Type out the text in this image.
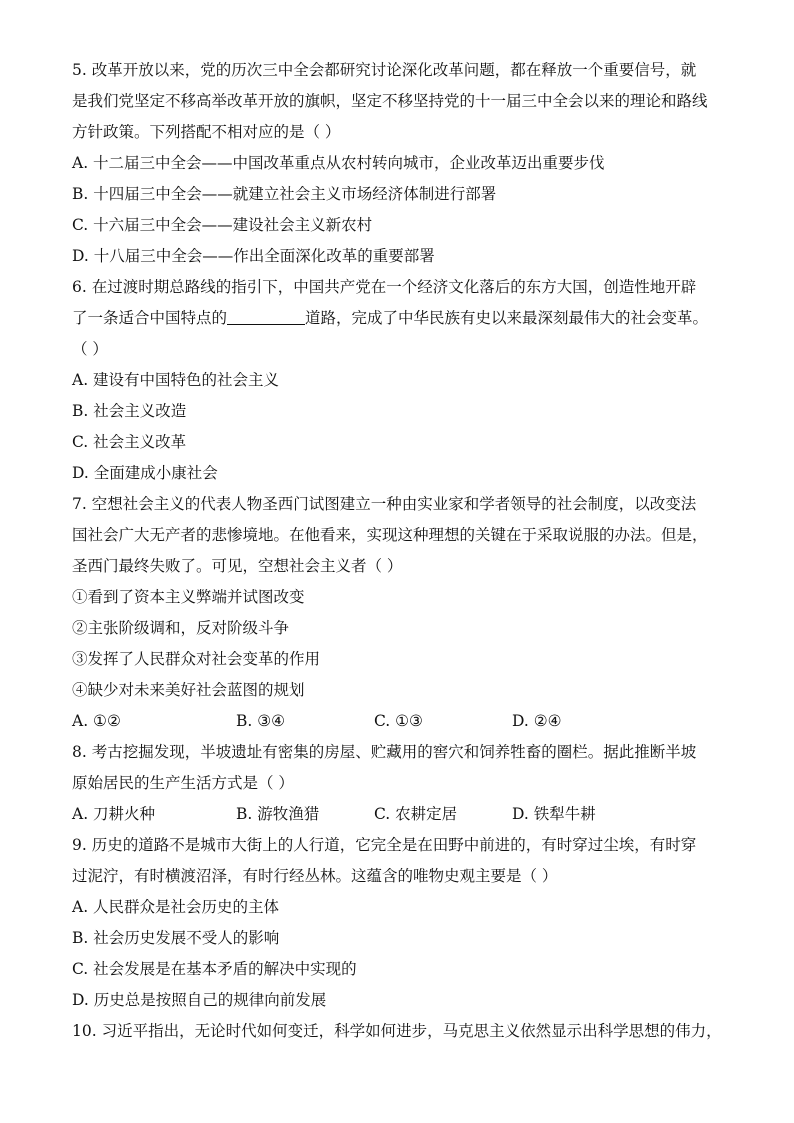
5. 改革开放以来，党的历次三中全会都研究讨论深化改革问题，都在释放一个重要信号，就

是我们党坚定不移高举改革开放的旗帜，坚定不移坚持党的十一届三中全会以来的理论和路线

方针政策。下列搭配不相对应的是（ ）

A. 十二届三中全会——中国改革重点从农村转向城市，企业改革迈出重要步伐

B. 十四届三中全会——就建立社会主义市场经济体制进行部署

C. 十六届三中全会——建设社会主义新农村

D. 十八届三中全会——作出全面深化改革的重要部署

6. 在过渡时期总路线的指引下，中国共产党在一个经济文化落后的东方大国，创造性地开辟

了一条适合中国特点的	道路，完成了中华民族有史以来最深刻最伟大的社会变革。

（ ）

A. 建设有中国特色的社会主义

B. 社会主义改造

C. 社会主义改革

D. 全面建成小康社会

7. 空想社会主义的代表人物圣西门试图建立一种由实业家和学者领导的社会制度，以改变法

国社会广大无产者的悲惨境地。在他看来，实现这种理想的关键在于采取说服的办法。但是，

圣西门最终失败了。可见，空想社会主义者（ ）

①看到了资本主义弊端并试图改变

②主张阶级调和，反对阶级斗争

③发挥了人民群众对社会变革的作用

④缺少对未来美好社会蓝图的规划

A. ①②	B. ③④	C. ①③	D. ②④

8. 考古挖掘发现，半坡遗址有密集的房屋、贮藏用的窖穴和饲养牲畜的圈栏。据此推断半坡

原始居民的生产生活方式是（ ）

A. 刀耕火种	B. 游牧渔猎	C. 农耕定居	D. 铁犁牛耕

9. 历史的道路不是城市大街上的人行道，它完全是在田野中前进的，有时穿过尘埃，有时穿

过泥泞，有时横渡沼泽，有时行经丛林。这蕴含的唯物史观主要是（ ）

A. 人民群众是社会历史的主体

B. 社会历史发展不受人的影响

C. 社会发展是在基本矛盾的解决中实现的

D. 历史总是按照自己的规律向前发展

10. 习近平指出，无论时代如何变迁，科学如何进步，马克思主义依然显示出科学思想的伟力，
